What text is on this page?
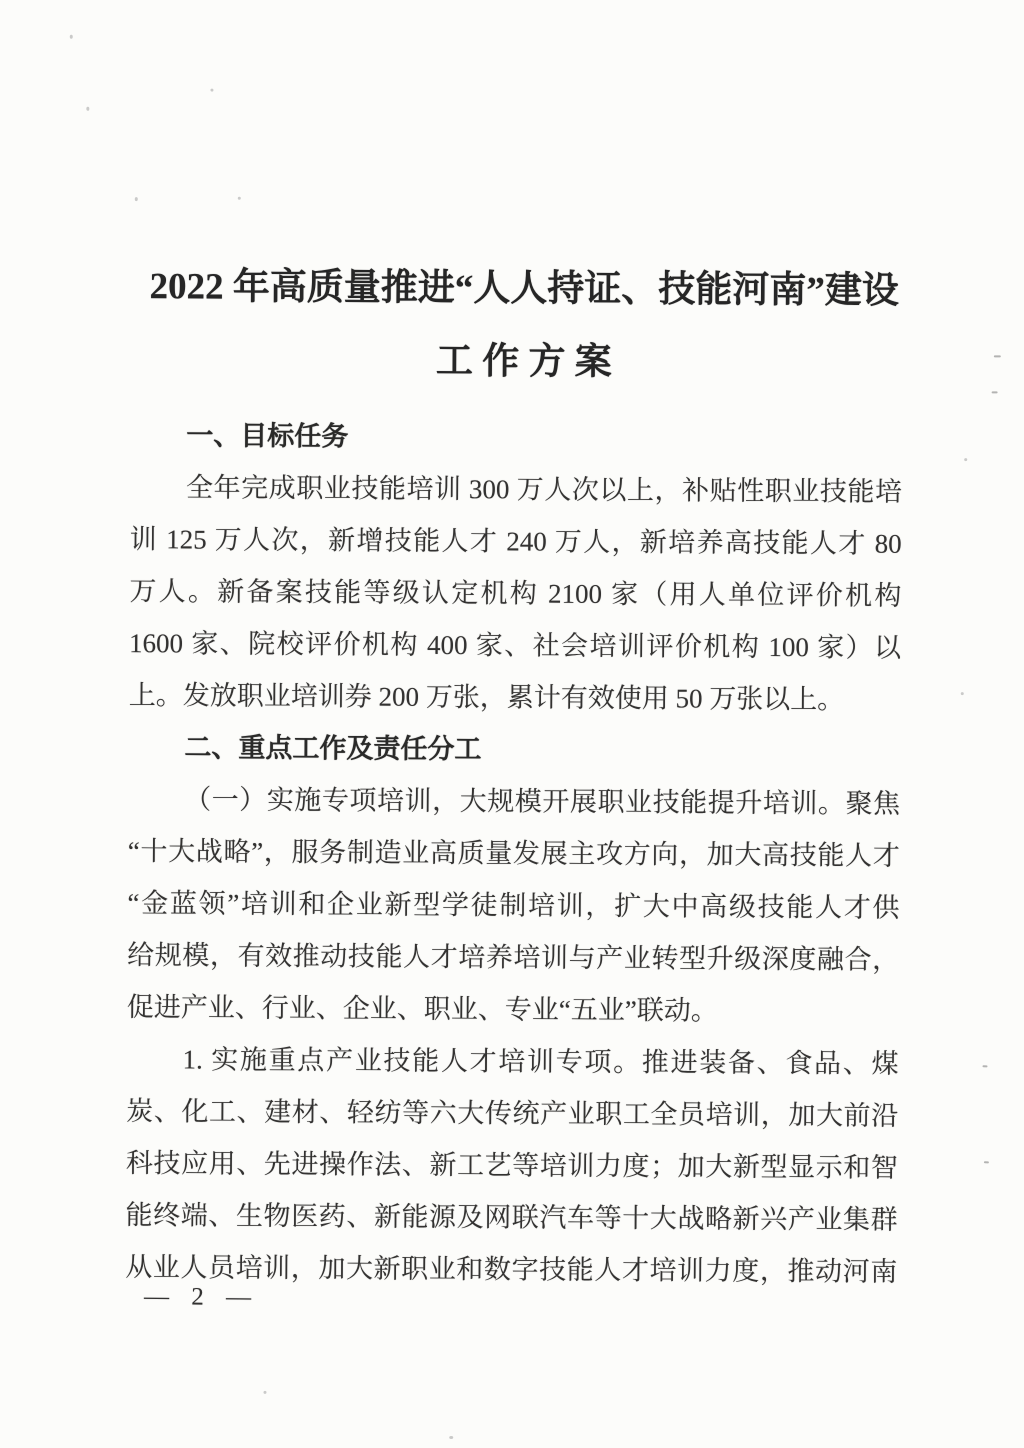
2022 年高质量推进“人人持证、技能河南”建设
工 作 方 案
一、目标任务
全年完成职业技能培训 300 万人次以上，补贴性职业技能培
训 125 万人次，新增技能人才 240 万人，新培养高技能人才 80
万人。新备案技能等级认定机构 2100 家（用人单位评价机构
1600 家、院校评价机构 400 家、社会培训评价机构 100 家）以
上。发放职业培训券 200 万张，累计有效使用 50 万张以上。
二、重点工作及责任分工
（一）实施专项培训，大规模开展职业技能提升培训。聚焦
“十大战略”，服务制造业高质量发展主攻方向，加大高技能人才
“金蓝领”培训和企业新型学徒制培训，扩大中高级技能人才供
给规模，有效推动技能人才培养培训与产业转型升级深度融合，
促进产业、行业、企业、职业、专业“五业”联动。
1. 实施重点产业技能人才培训专项。推进装备、食品、煤
炭、化工、建材、轻纺等六大传统产业职工全员培训，加大前沿
科技应用、先进操作法、新工艺等培训力度；加大新型显示和智
能终端、生物医药、新能源及网联汽车等十大战略新兴产业集群
从业人员培训，加大新职业和数字技能人才培训力度，推动河南
— 2 —
